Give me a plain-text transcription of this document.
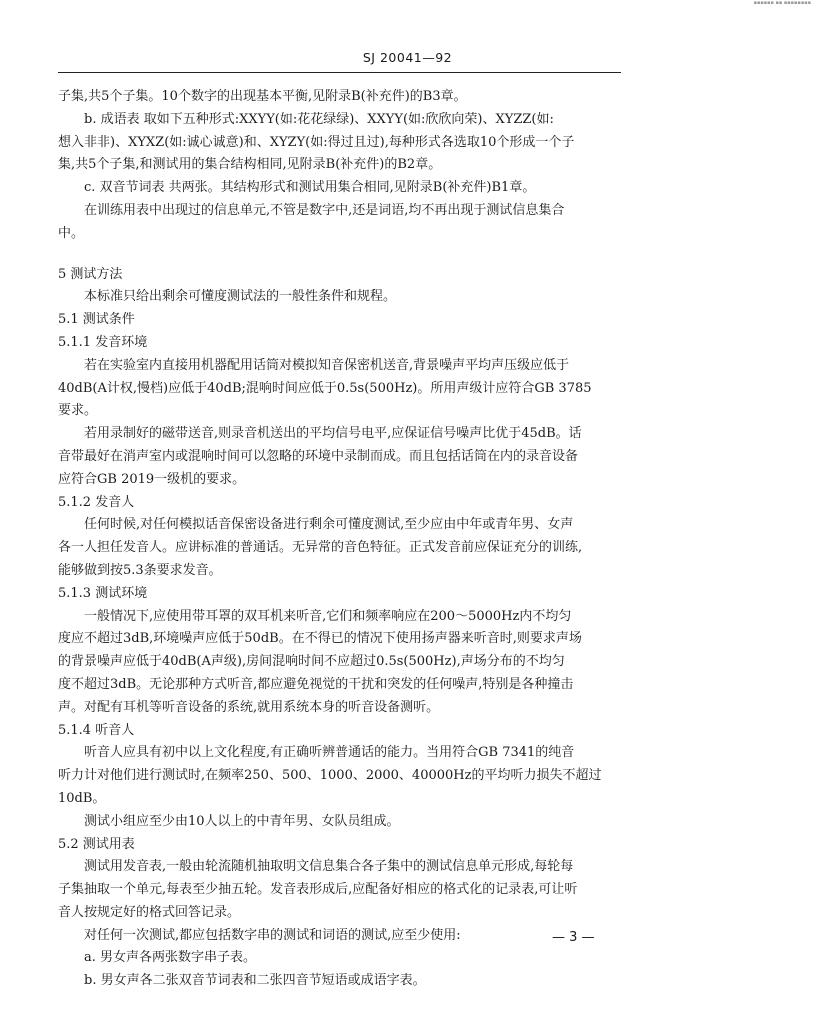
▪▪▪▪▪▪ ▪▪ ▪▪▪▪▪▪▪▪
SJ 20041—92
子集,共5个子集。10个数字的出现基本平衡,见附录B(补充件)的B3章。
b. 成语表 取如下五种形式:XXYY(如:花花绿绿)、XXYY(如:欣欣向荣)、XYZZ(如:
想入非非)、XYXZ(如:诚心诚意)和、XYZY(如:得过且过),每种形式各选取10个形成一个子
集,共5个子集,和测试用的集合结构相同,见附录B(补充件)的B2章。
c. 双音节词表 共两张。其结构形式和测试用集合相同,见附录B(补充件)B1章。
在训练用表中出现过的信息单元,不管是数字中,还是词语,均不再出现于测试信息集合
中。
5 测试方法
本标准只给出剩余可懂度测试法的一般性条件和规程。
5.1 测试条件
5.1.1 发音环境
若在实验室内直接用机器配用话筒对模拟知音保密机送音,背景噪声平均声压级应低于
40dB(A计权,慢档)应低于40dB;混响时间应低于0.5s(500Hz)。所用声级计应符合GB 3785
要求。
若用录制好的磁带送音,则录音机送出的平均信号电平,应保证信号噪声比优于45dB。话
音带最好在消声室内或混响时间可以忽略的环境中录制而成。而且包括话筒在内的录音设备
应符合GB 2019一级机的要求。
5.1.2 发音人
任何时候,对任何模拟话音保密设备进行剩余可懂度测试,至少应由中年或青年男、女声
各一人担任发音人。应讲标准的普通话。无异常的音色特征。正式发音前应保证充分的训练,
能够做到按5.3条要求发音。
5.1.3 测试环境
一般情况下,应使用带耳罩的双耳机来听音,它们和频率响应在200～5000Hz内不均匀
度应不超过3dB,环境噪声应低于50dB。在不得已的情况下使用扬声器来听音时,则要求声场
的背景噪声应低于40dB(A声级),房间混响时间不应超过0.5s(500Hz),声场分布的不均匀
度不超过3dB。无论那种方式听音,都应避免视觉的干扰和突发的任何噪声,特别是各种撞击
声。对配有耳机等听音设备的系统,就用系统本身的听音设备测听。
5.1.4 听音人
听音人应具有初中以上文化程度,有正确听辨普通话的能力。当用符合GB 7341的纯音
听力计对他们进行测试时,在频率250、500、1000、2000、40000Hz的平均听力损失不超过
10dB。
测试小组应至少由10人以上的中青年男、女队员组成。
5.2 测试用表
测试用发音表,一般由轮流随机抽取明文信息集合各子集中的测试信息单元形成,每轮每
子集抽取一个单元,每表至少抽五轮。发音表形成后,应配备好相应的格式化的记录表,可让听
音人按规定好的格式回答记录。
对任何一次测试,都应包括数字串的测试和词语的测试,应至少使用:
a. 男女声各两张数字串子表。
b. 男女声各二张双音节词表和二张四音节短语或成语字表。
— 3 —
